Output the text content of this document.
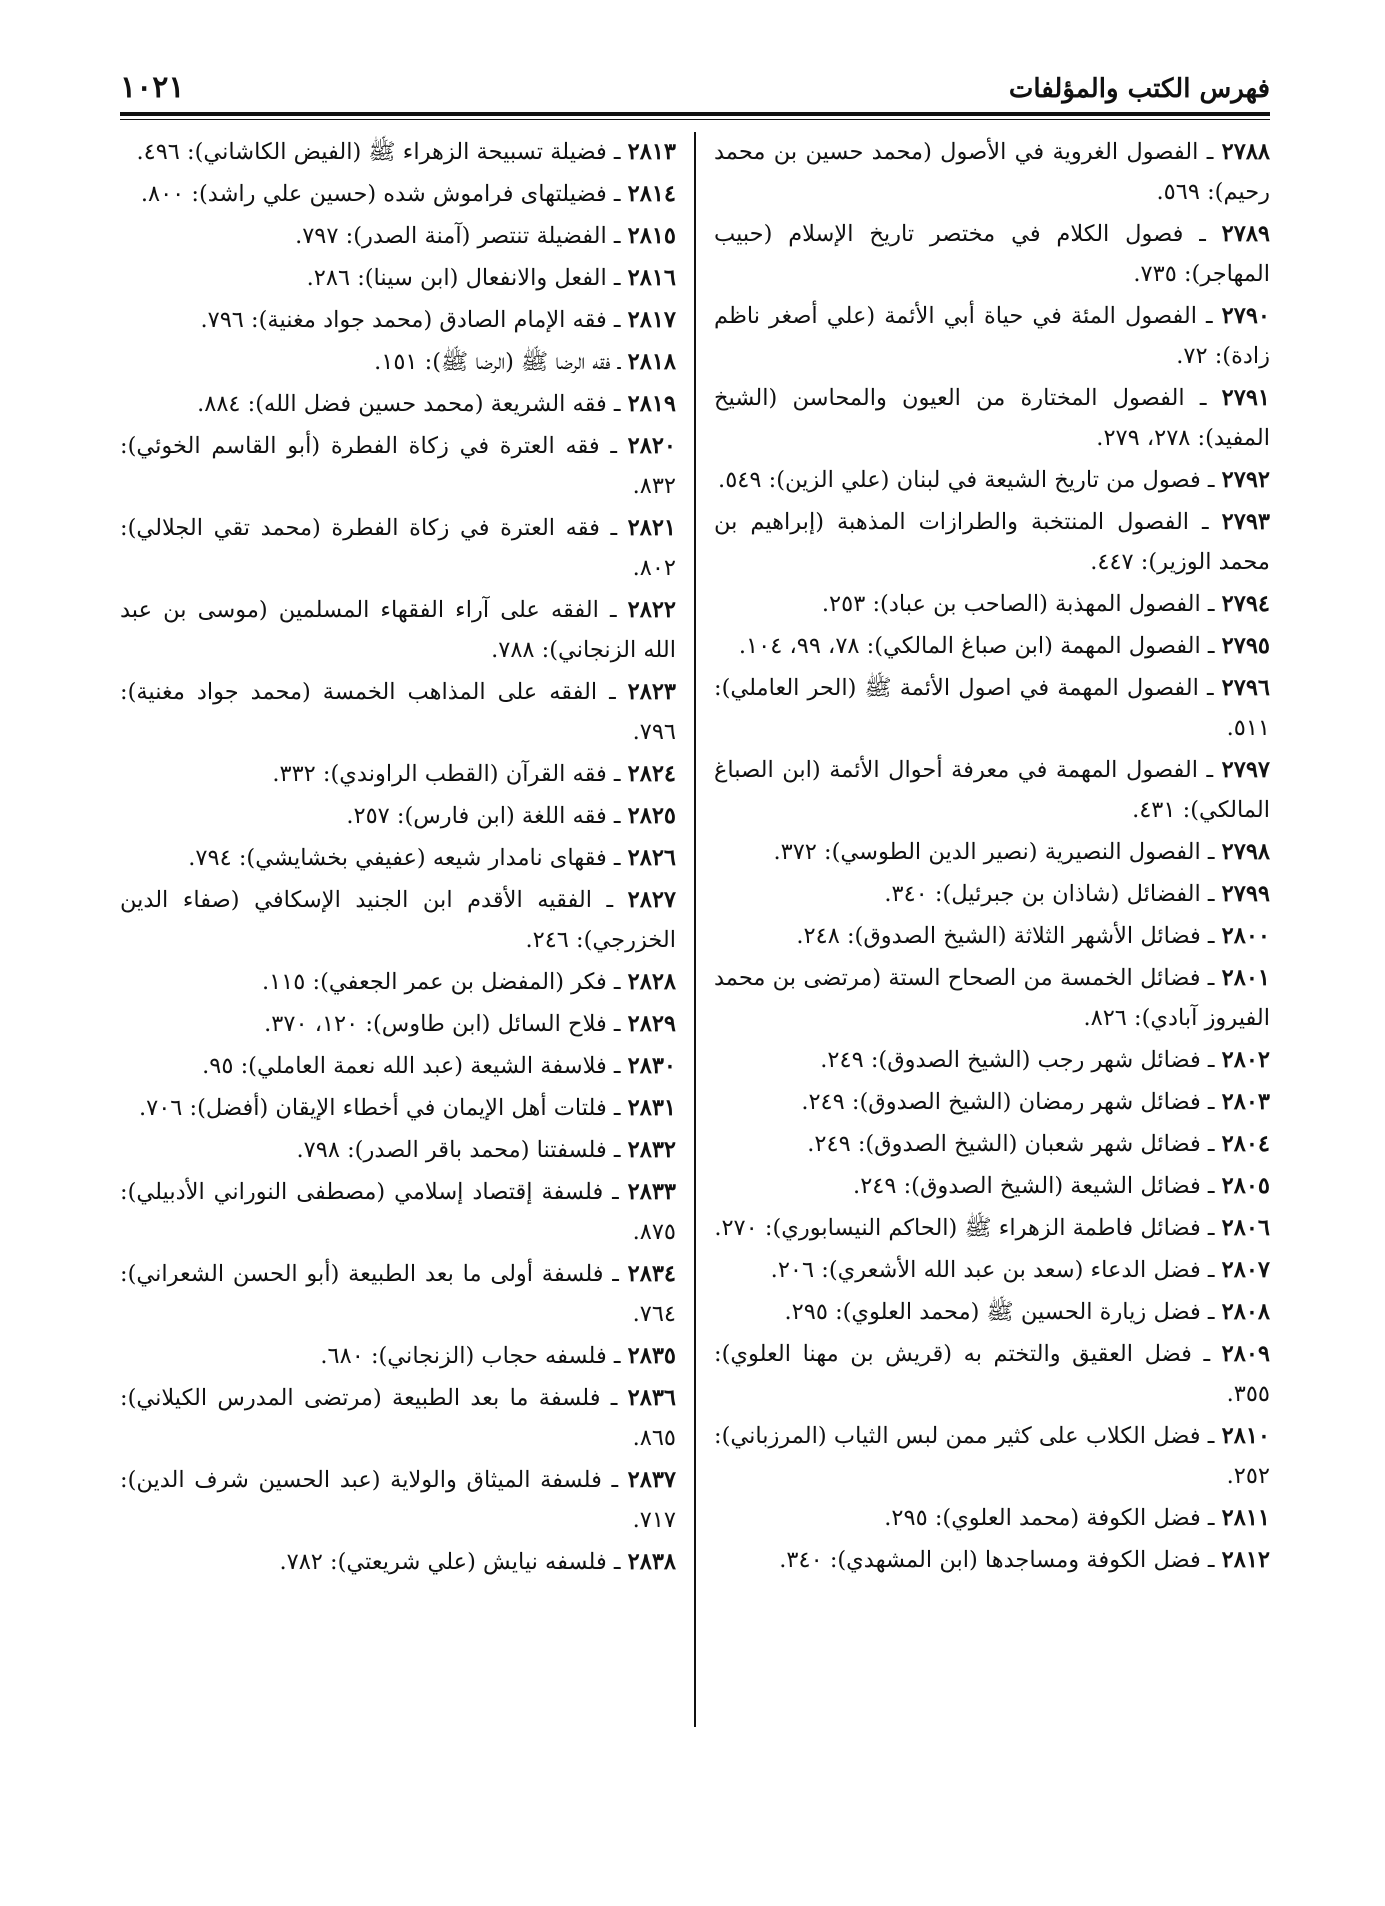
فهرس الكتب والمؤلفات
١٠٢١

٢٧٨٨ ـ الفصول الغروية في الأصول (محمد حسين بن محمد رحيم): ٥٦٩.

٢٧٨٩ ـ فصول الكلام في مختصر تاريخ الإسلام (حبيب المهاجر): ٧٣٥.

٢٧٩٠ ـ الفصول المئة في حياة أبي الأئمة (علي أصغر ناظم زادة): ٧٢.

٢٧٩١ ـ الفصول المختارة من العيون والمحاسن (الشيخ المفيد): ٢٧٨، ٢٧٩.

٢٧٩٢ ـ فصول من تاريخ الشيعة في لبنان (علي الزين): ٥٤٩.

٢٧٩٣ ـ الفصول المنتخبة والطرازات المذهبة (إبراهيم بن محمد الوزير): ٤٤٧.

٢٧٩٤ ـ الفصول المهذبة (الصاحب بن عباد): ٢٥٣.

٢٧٩٥ ـ الفصول المهمة (ابن صباغ المالكي): ٧٨، ٩٩، ١٠٤.

٢٧٩٦ ـ الفصول المهمة في اصول الأئمة ﷺ (الحر العاملي): ٥١١.

٢٧٩٧ ـ الفصول المهمة في معرفة أحوال الأئمة (ابن الصباغ المالكي): ٤٣١.

٢٧٩٨ ـ الفصول النصيرية (نصير الدين الطوسي): ٣٧٢.

٢٧٩٩ ـ الفضائل (شاذان بن جبرئيل): ٣٤٠.

٢٨٠٠ ـ فضائل الأشهر الثلاثة (الشيخ الصدوق): ٢٤٨.

٢٨٠١ ـ فضائل الخمسة من الصحاح الستة (مرتضى بن محمد الفيروز آبادي): ٨٢٦.

٢٨٠٢ ـ فضائل شهر رجب (الشيخ الصدوق): ٢٤٩.

٢٨٠٣ ـ فضائل شهر رمضان (الشيخ الصدوق): ٢٤٩.

٢٨٠٤ ـ فضائل شهر شعبان (الشيخ الصدوق): ٢٤٩.

٢٨٠٥ ـ فضائل الشيعة (الشيخ الصدوق): ٢٤٩.

٢٨٠٦ ـ فضائل فاطمة الزهراء ﷺ (الحاكم النيسابوري): ٢٧٠.

٢٨٠٧ ـ فضل الدعاء (سعد بن عبد الله الأشعري): ٢٠٦.

٢٨٠٨ ـ فضل زيارة الحسين ﷺ (محمد العلوي): ٢٩٥.

٢٨٠٩ ـ فضل العقيق والتختم به (قريش بن مهنا العلوي): ٣٥٥.

٢٨١٠ ـ فضل الكلاب على كثير ممن لبس الثياب (المرزباني): ٢٥٢.

٢٨١١ ـ فضل الكوفة (محمد العلوي): ٢٩٥.

٢٨١٢ ـ فضل الكوفة ومساجدها (ابن المشهدي): ٣٤٠.

٢٨١٣ ـ فضيلة تسبيحة الزهراء ﷺ (الفيض الكاشاني): ٤٩٦.

٢٨١٤ ـ فضيلتهای فراموش شده (حسين علي راشد): ٨٠٠.

٢٨١٥ ـ الفضيلة تنتصر (آمنة الصدر): ٧٩٧.

٢٨١٦ ـ الفعل والانفعال (ابن سينا): ٢٨٦.

٢٨١٧ ـ فقه الإمام الصادق (محمد جواد مغنية): ٧٩٦.

٢٨١٨ ـ فقه الرضا ﷺ (الرضا ﷺ): ١٥١.

٢٨١٩ ـ فقه الشريعة (محمد حسين فضل الله): ٨٨٤.

٢٨٢٠ ـ فقه العترة في زكاة الفطرة (أبو القاسم الخوئي): ٨٣٢.

٢٨٢١ ـ فقه العترة في زكاة الفطرة (محمد تقي الجلالي): ٨٠٢.

٢٨٢٢ ـ الفقه على آراء الفقهاء المسلمين (موسى بن عبد الله الزنجاني): ٧٨٨.

٢٨٢٣ ـ الفقه على المذاهب الخمسة (محمد جواد مغنية): ٧٩٦.

٢٨٢٤ ـ فقه القرآن (القطب الراوندي): ٣٣٢.

٢٨٢٥ ـ فقه اللغة (ابن فارس): ٢٥٧.

٢٨٢٦ ـ فقهاى نامدار شيعه (عفيفي بخشايشي): ٧٩٤.

٢٨٢٧ ـ الفقيه الأقدم ابن الجنيد الإسكافي (صفاء الدين الخزرجي): ٢٤٦.

٢٨٢٨ ـ فكر (المفضل بن عمر الجعفي): ١١٥.

٢٨٢٩ ـ فلاح السائل (ابن طاوس): ١٢٠، ٣٧٠.

٢٨٣٠ ـ فلاسفة الشيعة (عبد الله نعمة العاملي): ٩٥.

٢٨٣١ ـ فلتات أهل الإيمان في أخطاء الإيقان (أفضل): ٧٠٦.

٢٨٣٢ ـ فلسفتنا (محمد باقر الصدر): ٧٩٨.

٢٨٣٣ ـ فلسفة إقتصاد إسلامي (مصطفى النوراني الأدبيلي): ٨٧٥.

٢٨٣٤ ـ فلسفة أولى ما بعد الطبيعة (أبو الحسن الشعراني): ٧٦٤.

٢٨٣٥ ـ فلسفه حجاب (الزنجاني): ٦٨٠.

٢٨٣٦ ـ فلسفة ما بعد الطبيعة (مرتضى المدرس الكيلاني): ٨٦٥.

٢٨٣٧ ـ فلسفة الميثاق والولاية (عبد الحسين شرف الدين): ٧١٧.

٢٨٣٨ ـ فلسفه نيايش (علي شريعتي): ٧٨٢.
